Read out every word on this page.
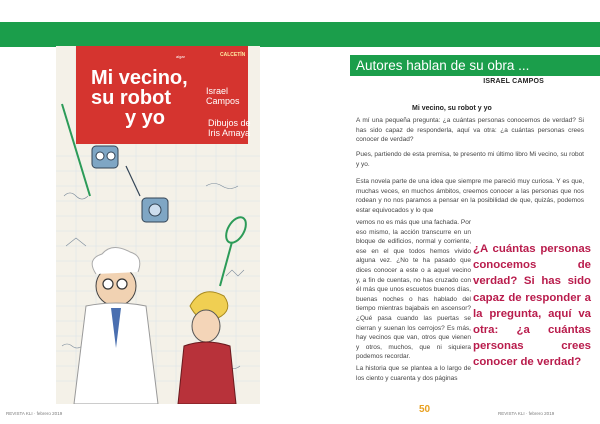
algar	CALCETÍN
Mi vecino,
su robot
y yo
Israel
Campos
Dibujos de
Iris Amaya
Autores hablan de su obra ...
ISRAEL CAMPOS
Mi vecino, su robot y yo

A mí una pequeña pregunta: ¿a cuántas personas conocemos de verdad? Si has sido capaz de responderla, aquí va otra: ¿a cuántas personas crees conocer de verdad?

Pues, partiendo de esta premisa, te presento mi último libro Mi vecino, su robot y yo.

Esta novela parte de una idea que siempre me pareció muy curiosa. Y es que, muchas veces, en muchos ámbitos, creemos conocer a las personas que nos rodean y no nos paramos a pensar en la posibilidad de que, quizás, podemos estar equivocados y lo que

vemos no es más que una fachada. Por eso mismo, la acción transcurre en un bloque de edificios, normal y corriente, ese en el que todos hemos vivido alguna vez. ¿No te ha pasado que dices conocer a este o a aquel vecino y, a fin de cuentas, no has cruzado con él más que unos escuetos buenos días, buenas noches o has hablado del tiempo mientras bajabais en ascensor? ¿Qué pasa cuando las puertas se cierran y suenan los cerrojos? Es más, hay vecinos que van, otros que vienen y otros, muchos, que ni siquiera podemos recordar.

La historia que se plantea a lo largo de los ciento y cuarenta y dos páginas

¿A cuántas personas conocemos de verdad? Si has sido capaz de responder a la pregunta, aquí va otra: ¿a cuántas personas crees conocer de verdad?

REVISTA KLI · febrero 2019	50	REVISTA KLI · febrero 2019
